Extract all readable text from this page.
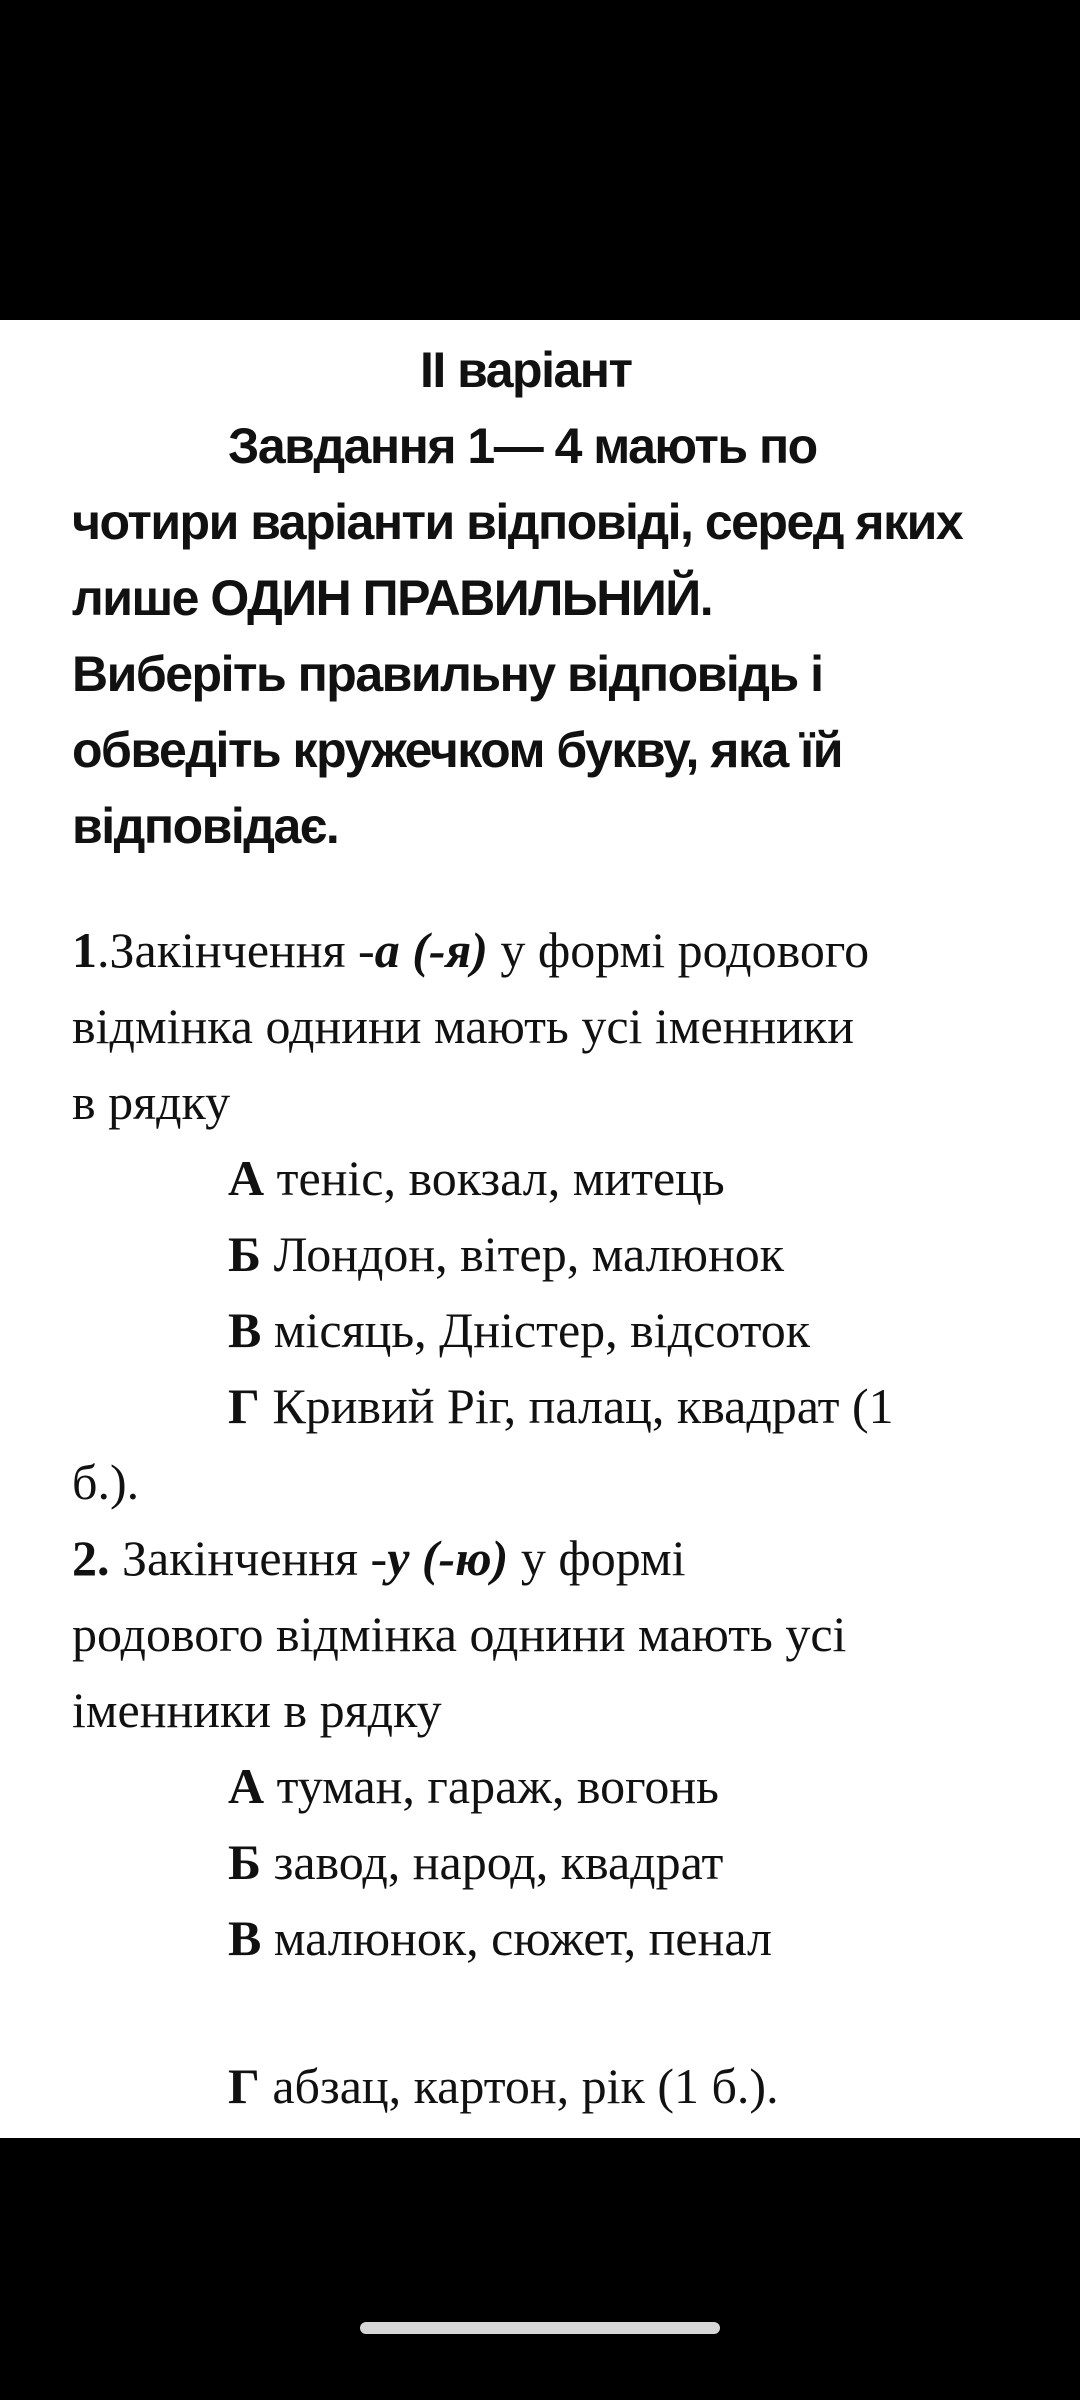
ІІ варіант
Завдання 1— 4 мають по
чотири варіанти відповіді, серед яких
лише ОДИН ПРАВИЛЬНИЙ.
Виберіть правильну відповідь і
обведіть кружечком букву, яка їй
відповідає.
1.Закінчення -а (-я) у формі родового
відмінка однини мають усі іменники
в рядку
А теніс, вокзал, митець
Б Лондон, вітер, малюнок
В місяць, Дністер, відсоток
Г Кривий Ріг, палац, квадрат (1
б.).
2. Закінчення -у (-ю) у формі
родового відмінка однини мають усі
іменники в рядку
А туман, гараж, вогонь
Б завод, народ, квадрат
В малюнок, сюжет, пенал
Г абзац, картон, рік (1 б.).
